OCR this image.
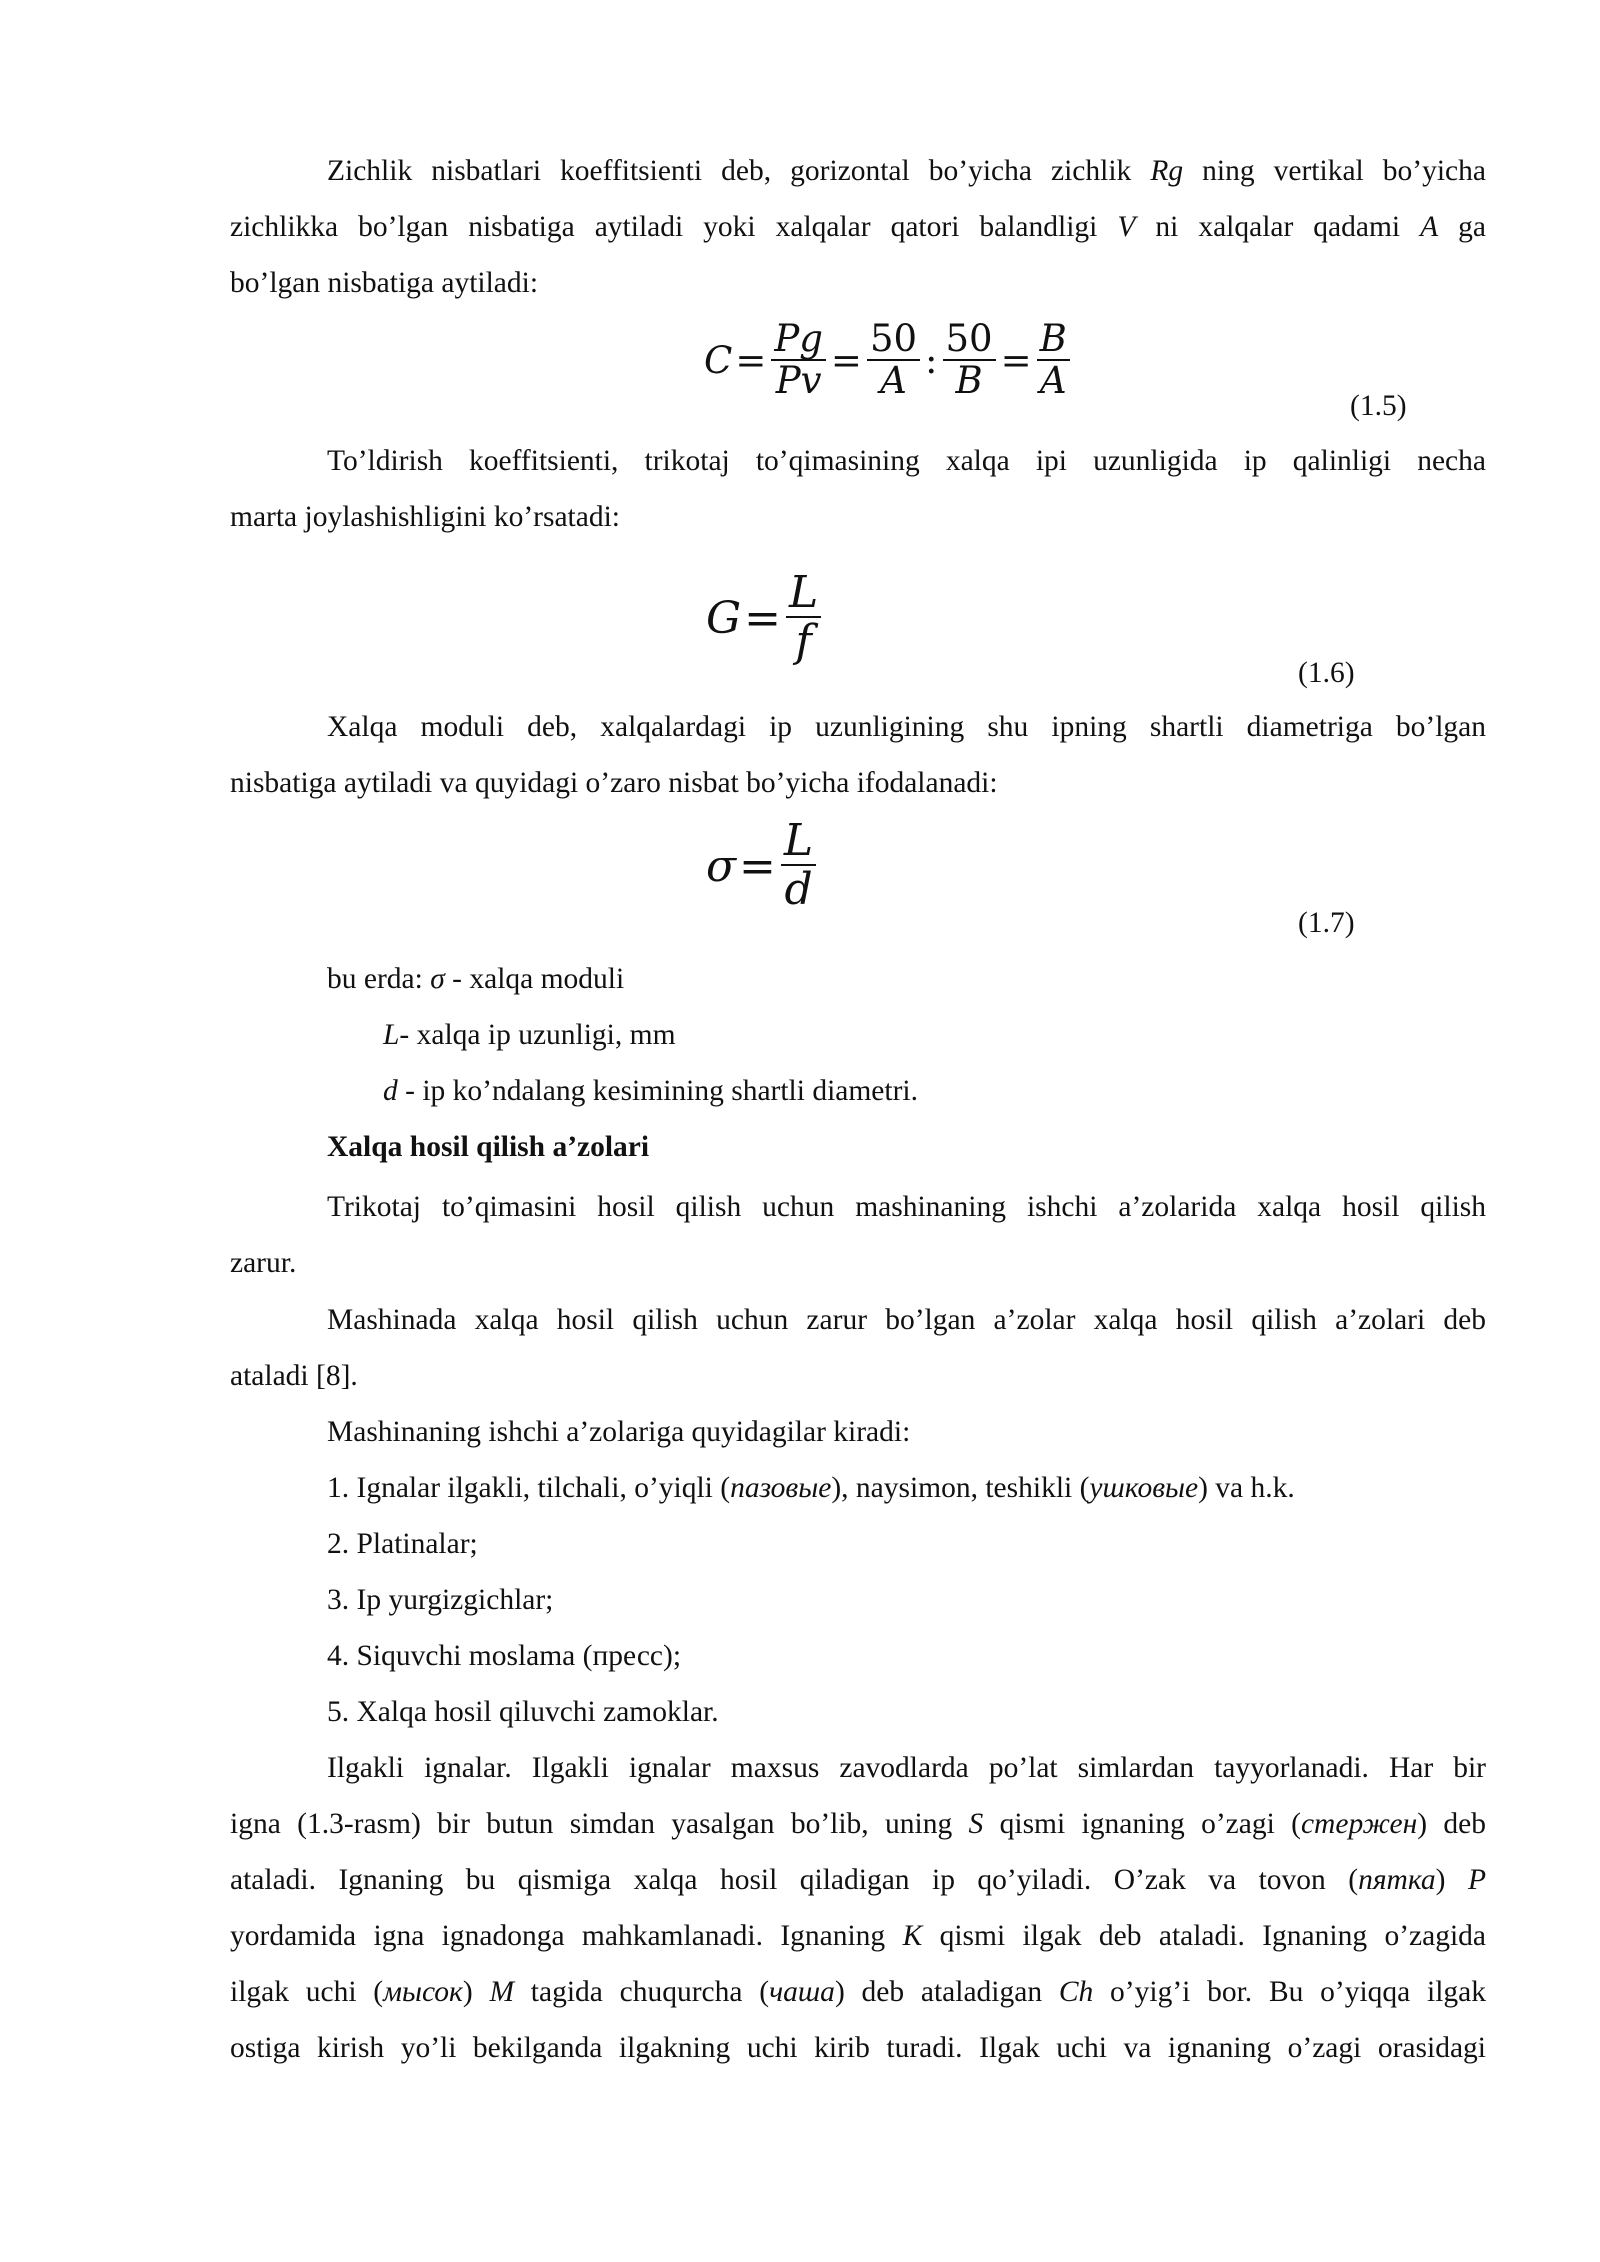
Zichlik nisbatlari koeffitsienti deb, gorizontal bo’yicha zichlik Rg ning vertikal bo’yicha
zichlikka bo’lgan nisbatiga aytiladi yoki xalqalar qatori balandligi V ni xalqalar qadami A ga
bo’lgan nisbatiga aytiladi:
$C = \frac{Pg}{Pv} = \frac{50}{A}$ : $\frac{50}{B} = \frac{B}{A}$
(1.5)
To’ldirish koeffitsienti, trikotaj to’qimasining xalqa ipi uzunligida ip qalinligi necha
marta joylashishligini ko’rsatadi:
$G = \frac{L}{f}$
(1.6)
Xalqa moduli deb, xalqalardagi ip uzunligining shu ipning shartli diametriga bo’lgan
nisbatiga aytiladi va quyidagi o’zaro nisbat bo’yicha ifodalanadi:
$\sigma = \frac{L}{d}$
(1.7)
bu erda: σ - xalqa moduli
L- xalqa ip uzunligi, mm
d - ip ko’ndalang kesimining shartli diametri.
Xalqa hosil qilish a’zolari
Trikotaj to’qimasini hosil qilish uchun mashinaning ishchi a’zolarida xalqa hosil qilish
zarur.
Mashinada xalqa hosil qilish uchun zarur bo’lgan a’zolar xalqa hosil qilish a’zolari deb
ataladi [8].
Mashinaning ishchi a’zolariga quyidagilar kiradi:
1. Ignalar ilgakli, tilchali, o’yiqli (пазовые), naysimon, teshikli (ушковые) va h.k.
2. Platinalar;
3. Ip yurgizgichlar;
4. Siquvchi moslama (пресс);
5. Xalqa hosil qiluvchi zamoklar.
Ilgakli ignalar. Ilgakli ignalar maxsus zavodlarda po’lat simlardan tayyorlanadi. Har bir
igna (1.3-rasm) bir butun simdan yasalgan bo’lib, uning S qismi ignaning o’zagi (стержен) deb
ataladi. Ignaning bu qismiga xalqa hosil qiladigan ip qo’yiladi. O’zak va tovon (пятка) P
yordamida igna ignadonga mahkamlanadi. Ignaning K qismi ilgak deb ataladi. Ignaning o’zagida
ilgak uchi (мысок) M tagida chuqurcha (чаша) deb ataladigan Ch o’yig’i bor. Bu o’yiqqa ilgak
ostiga kirish yo’li bekilganda ilgakning uchi kirib turadi. Ilgak uchi va ignaning o’zagi orasidagi
